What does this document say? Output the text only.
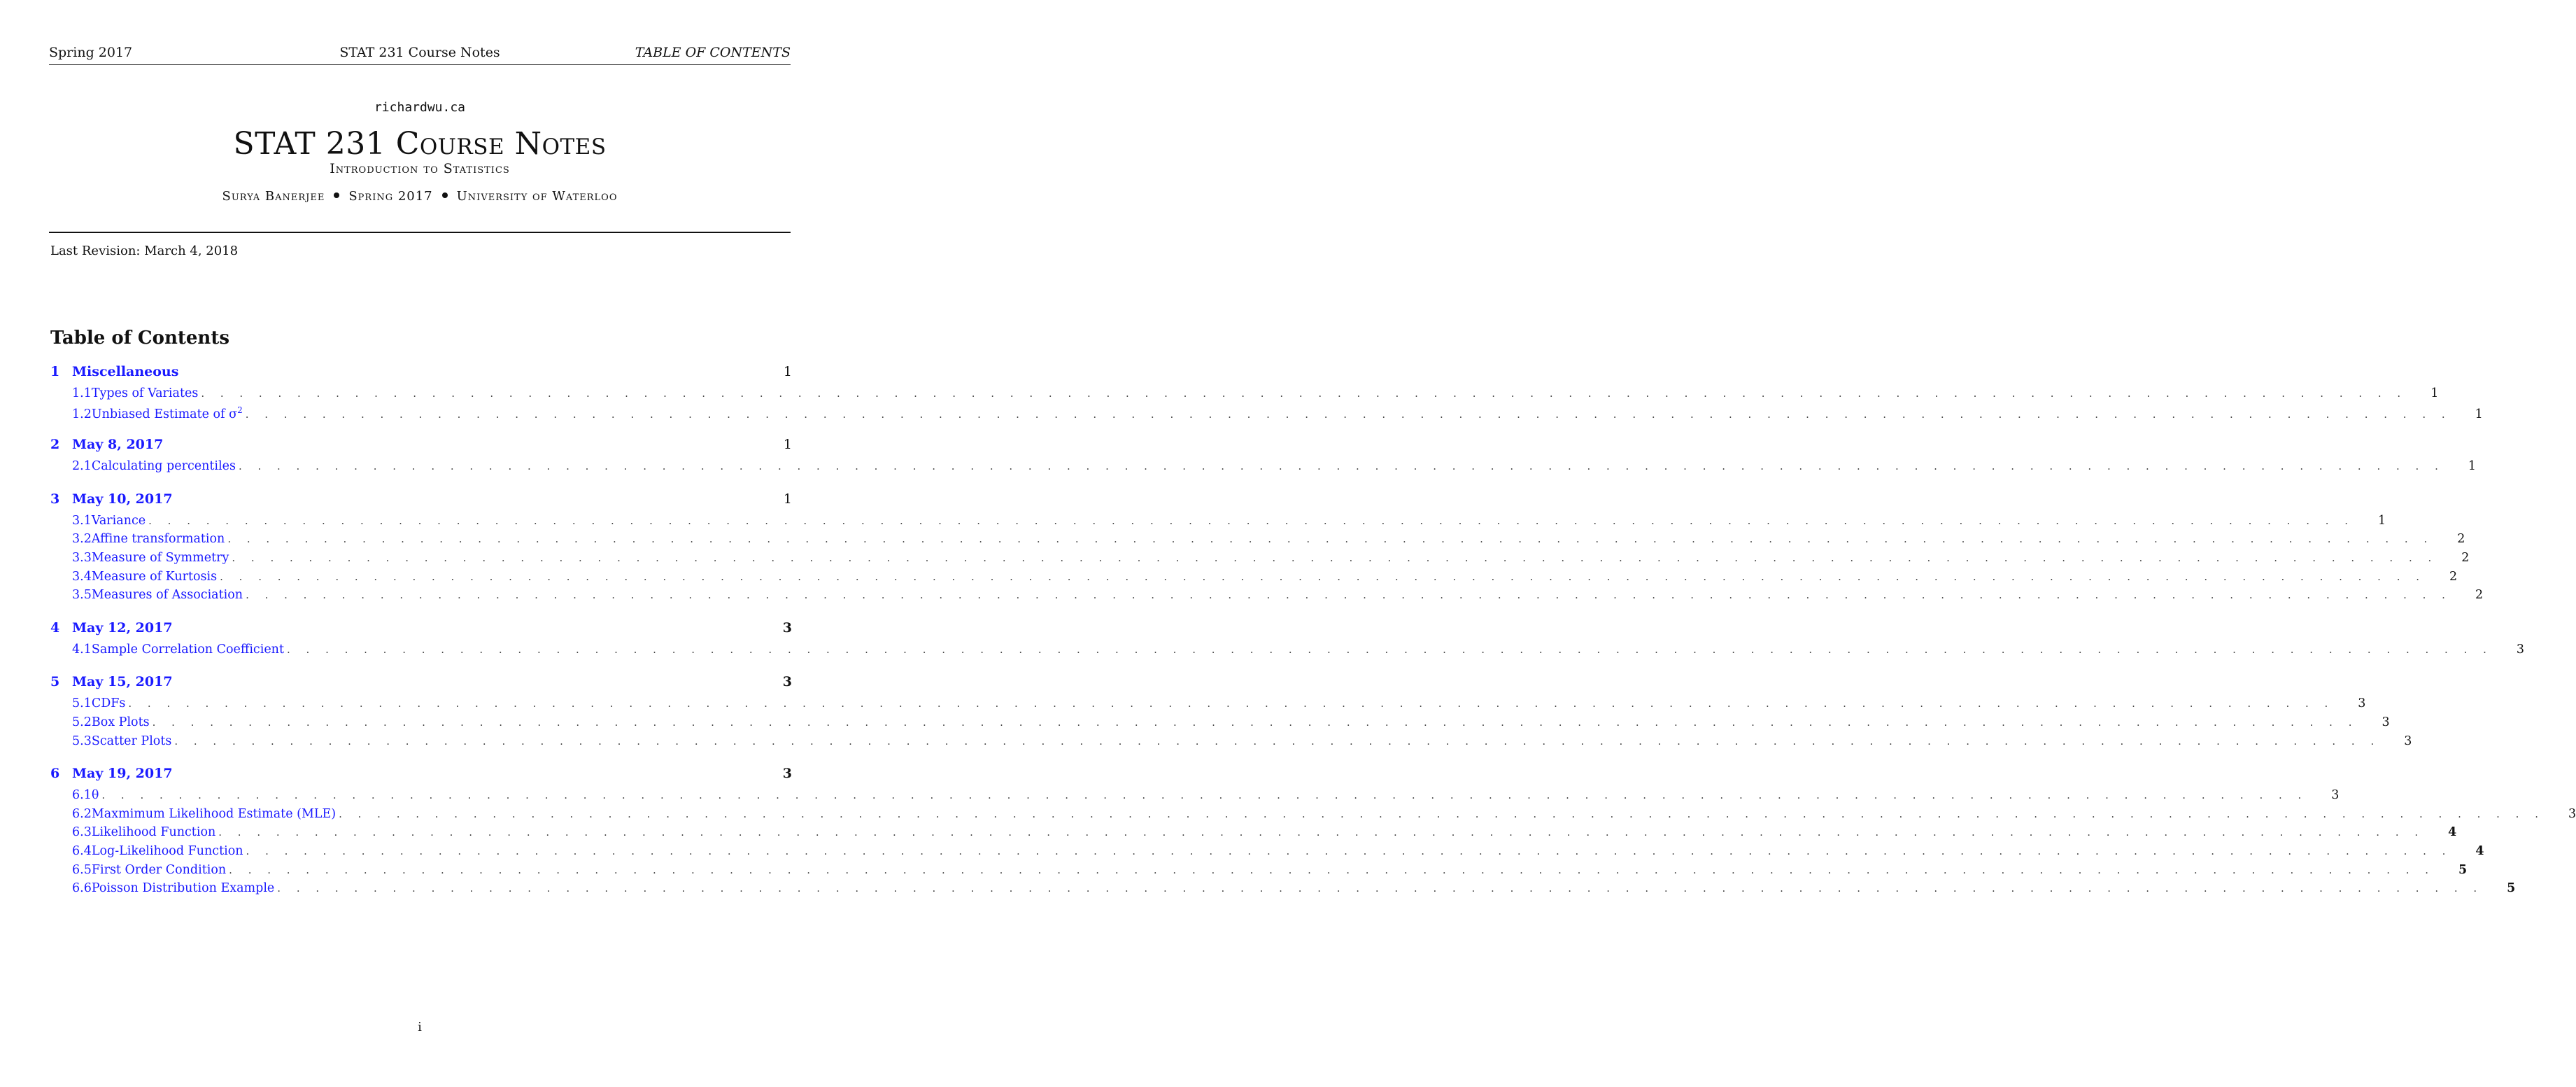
Spring 2017	STAT 231 Course Notes	TABLE OF CONTENTS
richardwu.ca
STAT 231 Course Notes
Introduction to Statistics
Surya Banerjee Spring 2017 University of Waterloo
Last Revision: March 4, 2018
Table of Contents
1 Miscellaneous	1
1.1 Types of Variates . . . . . . . . . . . . . . . . . . . . . . . . . . . . . . . . . . . . . . . . . . . . . . . . . . . . . . . . . . . . . . . . . . . . . . . . . . . . . . . . . . . . . . . . . . . . . . . . . . . . . . . . . . . . . . . . . . . 1
1.2 Unbiased Estimate of $\sigma^2$ . . . . . . . . . . . . . . . . . . . . . . . . . . . . . . . . . . . . . . . . . . . . . . . . . . . . . . . . . . . . . . . . . . . . . . . . . . . . . . . . . . . . . . . . . . . . . . . . . . . . . . . . . . . . . . . . . . . 1
2 May 8, 2017	1
2.1 Calculating percentiles . . . . . . . . . . . . . . . . . . . . . . . . . . . . . . . . . . . . . . . . . . . . . . . . . . . . . . . . . . . . . . . . . . . . . . . . . . . . . . . . . . . . . . . . . . . . . . . . . . . . . . . . . . . . . . . . . . . 1
3 May 10, 2017	1
3.1 Variance . . . . . . . . . . . . . . . . . . . . . . . . . . . . . . . . . . . . . . . . . . . . . . . . . . . . . . . . . . . . . . . . . . . . . . . . . . . . . . . . . . . . . . . . . . . . . . . . . . . . . . . . . . . . . . . . . . . 1
3.2 Affine transformation . . . . . . . . . . . . . . . . . . . . . . . . . . . . . . . . . . . . . . . . . . . . . . . . . . . . . . . . . . . . . . . . . . . . . . . . . . . . . . . . . . . . . . . . . . . . . . . . . . . . . . . . . . . . . . . . . . . 2
3.3 Measure of Symmetry . . . . . . . . . . . . . . . . . . . . . . . . . . . . . . . . . . . . . . . . . . . . . . . . . . . . . . . . . . . . . . . . . . . . . . . . . . . . . . . . . . . . . . . . . . . . . . . . . . . . . . . . . . . . . . . . . . . 2
3.4 Measure of Kurtosis . . . . . . . . . . . . . . . . . . . . . . . . . . . . . . . . . . . . . . . . . . . . . . . . . . . . . . . . . . . . . . . . . . . . . . . . . . . . . . . . . . . . . . . . . . . . . . . . . . . . . . . . . . . . . . . . . . . 2
3.5 Measures of Association . . . . . . . . . . . . . . . . . . . . . . . . . . . . . . . . . . . . . . . . . . . . . . . . . . . . . . . . . . . . . . . . . . . . . . . . . . . . . . . . . . . . . . . . . . . . . . . . . . . . . . . . . . . . . . . . . . . 2
4 May 12, 2017	3
4.1 Sample Correlation Coefficient . . . . . . . . . . . . . . . . . . . . . . . . . . . . . . . . . . . . . . . . . . . . . . . . . . . . . . . . . . . . . . . . . . . . . . . . . . . . . . . . . . . . . . . . . . . . . . . . . . . . . . . . . . . . . . . . . . . 3
5 May 15, 2017	3
5.1 CDFs . . . . . . . . . . . . . . . . . . . . . . . . . . . . . . . . . . . . . . . . . . . . . . . . . . . . . . . . . . . . . . . . . . . . . . . . . . . . . . . . . . . . . . . . . . . . . . . . . . . . . . . . . . . . . . . . . . . 3
5.2 Box Plots . . . . . . . . . . . . . . . . . . . . . . . . . . . . . . . . . . . . . . . . . . . . . . . . . . . . . . . . . . . . . . . . . . . . . . . . . . . . . . . . . . . . . . . . . . . . . . . . . . . . . . . . . . . . . . . . . . . 3
5.3 Scatter Plots . . . . . . . . . . . . . . . . . . . . . . . . . . . . . . . . . . . . . . . . . . . . . . . . . . . . . . . . . . . . . . . . . . . . . . . . . . . . . . . . . . . . . . . . . . . . . . . . . . . . . . . . . . . . . . . . . . . 3
6 May 19, 2017	3
6.1 θ . . . . . . . . . . . . . . . . . . . . . . . . . . . . . . . . . . . . . . . . . . . . . . . . . . . . . . . . . . . . . . . . . . . . . . . . . . . . . . . . . . . . . . . . . . . . . . . . . . . . . . . . . . . . . . . . . . . 3
6.2 Maxmimum Likelihood Estimate (MLE) . . . . . . . . . . . . . . . . . . . . . . . . . . . . . . . . . . . . . . . . . . . . . . . . . . . . . . . . . . . . . . . . . . . . . . . . . . . . . . . . . . . . . . . . . . . . . . . . . . . . . . . . . . . . . . . . . . . 3
6.3 Likelihood Function . . . . . . . . . . . . . . . . . . . . . . . . . . . . . . . . . . . . . . . . . . . . . . . . . . . . . . . . . . . . . . . . . . . . . . . . . . . . . . . . . . . . . . . . . . . . . . . . . . . . . . . . . . . . . . . . . . . 4
6.4 Log-Likelihood Function . . . . . . . . . . . . . . . . . . . . . . . . . . . . . . . . . . . . . . . . . . . . . . . . . . . . . . . . . . . . . . . . . . . . . . . . . . . . . . . . . . . . . . . . . . . . . . . . . . . . . . . . . . . . . . . . . . . 4
6.5 First Order Condition . . . . . . . . . . . . . . . . . . . . . . . . . . . . . . . . . . . . . . . . . . . . . . . . . . . . . . . . . . . . . . . . . . . . . . . . . . . . . . . . . . . . . . . . . . . . . . . . . . . . . . . . . . . . . . . . . . . 5
6.6 Poisson Distribution Example . . . . . . . . . . . . . . . . . . . . . . . . . . . . . . . . . . . . . . . . . . . . . . . . . . . . . . . . . . . . . . . . . . . . . . . . . . . . . . . . . . . . . . . . . . . . . . . . . . . . . . . . . . . . . . . . . . . 5
i
